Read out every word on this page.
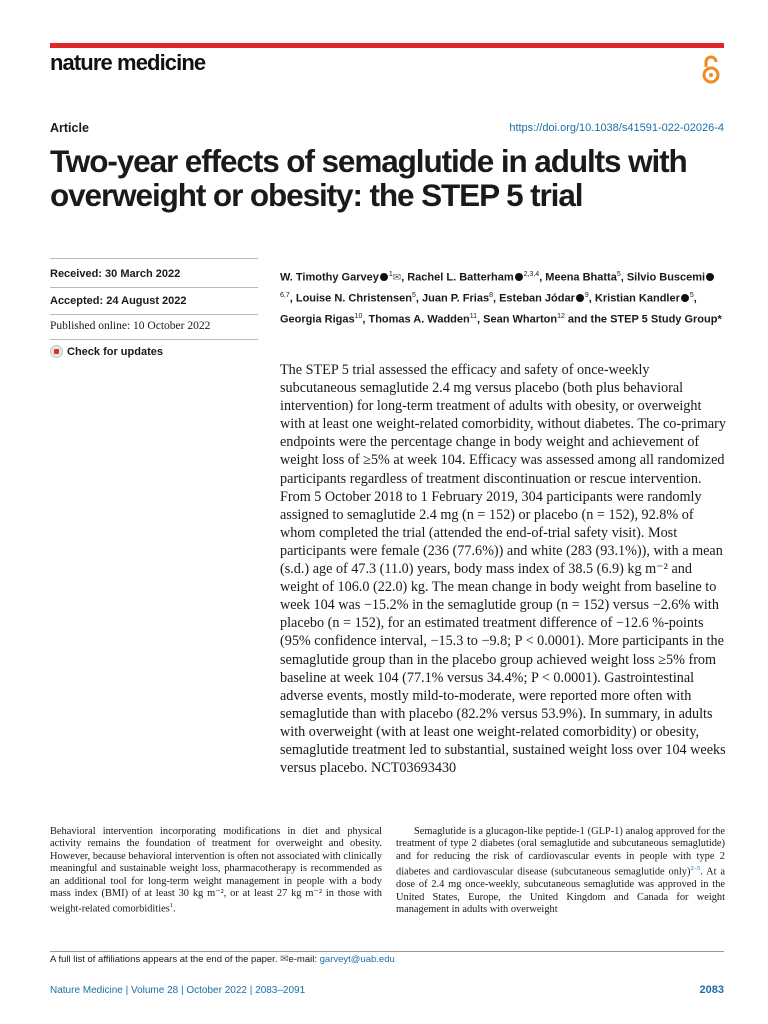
nature medicine
Article	https://doi.org/10.1038/s41591-022-02026-4
Two-year effects of semaglutide in adults with overweight or obesity: the STEP 5 trial
Received: 30 March 2022
Accepted: 24 August 2022
Published online: 10 October 2022
Check for updates

W. Timothy Garvey $^1$✉, Rachel L. Batterham $^{2,3,4}$, Meena Bhatta$^5$, Silvio Buscemi$^{6,7}$, Louise N. Christensen$^5$, Juan P. Frias$^8$, Esteban Jódar $^9$, Kristian Kandler $^5$, Georgia Rigas$^{10}$, Thomas A. Wadden$^{11}$, Sean Wharton$^{12}$ and the STEP 5 Study Group*

The STEP 5 trial assessed the efficacy and safety of once-weekly subcutaneous semaglutide 2.4 mg versus placebo (both plus behavioral intervention) for long-term treatment of adults with obesity, or overweight with at least one weight-related comorbidity, without diabetes. The co-primary endpoints were the percentage change in body weight and achievement of weight loss of ≥5% at week 104. Efficacy was assessed among all randomized participants regardless of treatment discontinuation or rescue intervention. From 5 October 2018 to 1 February 2019, 304 participants were randomly assigned to semaglutide 2.4 mg (n = 152) or placebo (n = 152), 92.8% of whom completed the trial (attended the end-of-trial safety visit). Most participants were female (236 (77.6%)) and white (283 (93.1%)), with a mean (s.d.) age of 47.3 (11.0) years, body mass index of 38.5 (6.9) kg m⁻² and weight of 106.0 (22.0) kg. The mean change in body weight from baseline to week 104 was −15.2% in the semaglutide group (n = 152) versus −2.6% with placebo (n = 152), for an estimated treatment difference of −12.6 %-points (95% confidence interval, −15.3 to −9.8; P < 0.0001). More participants in the semaglutide group than in the placebo group achieved weight loss ≥5% from baseline at week 104 (77.1% versus 34.4%; P < 0.0001). Gastrointestinal adverse events, mostly mild-to-moderate, were reported more often with semaglutide than with placebo (82.2% versus 53.9%). In summary, in adults with overweight (with at least one weight-related comorbidity) or obesity, semaglutide treatment led to substantial, sustained weight loss over 104 weeks versus placebo. NCT03693430

Behavioral intervention incorporating modifications in diet and physical activity remains the foundation of treatment for overweight and obesity. However, because behavioral intervention is often not associated with clinically meaningful and sustainable weight loss, pharmacotherapy is recommended as an additional tool for long-term weight management in people with a body mass index (BMI) of at least 30 kg m⁻², or at least 27 kg m⁻² in those with weight-related comorbidities$^1$.

Semaglutide is a glucagon-like peptide-1 (GLP-1) analog approved for the treatment of type 2 diabetes (oral semaglutide and subcutaneous semaglutide) and for reducing the risk of cardiovascular events in people with type 2 diabetes and cardiovascular disease (subcutaneous semaglutide only)$^{2-5}$. At a dose of 2.4 mg once-weekly, subcutaneous semaglutide was approved in the United States, Europe, the United Kingdom and Canada for weight management in adults with overweight

A full list of affiliations appears at the end of the paper. ✉e-mail: garveyt@uab.edu
Nature Medicine | Volume 28 | October 2022 | 2083–2091	2083
